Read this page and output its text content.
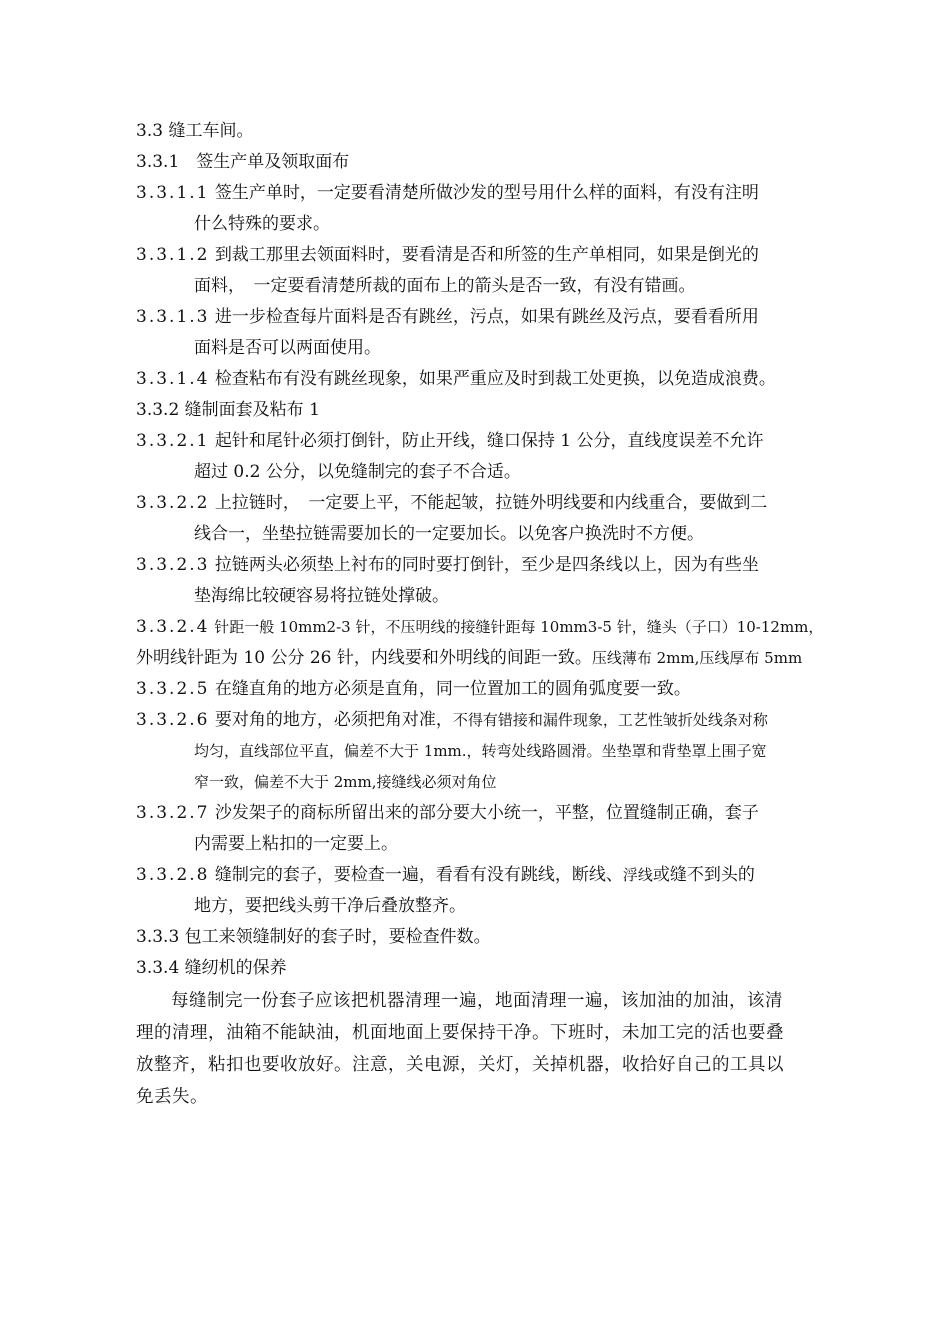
3.3 缝工车间。
3.3.1　签生产单及领取面布
3.3.1.1 签生产单时，一定要看清楚所做沙发的型号用什么样的面料，有没有注明
什么特殊的要求。
3.3.1.2 到裁工那里去领面料时，要看清是否和所签的生产单相同，如果是倒光的
面料，　一定要看清楚所裁的面布上的箭头是否一致，有没有错画。
3.3.1.3 进一步检查每片面料是否有跳丝，污点，如果有跳丝及污点，要看看所用
面料是否可以两面使用。
3.3.1.4 检查粘布有没有跳丝现象，如果严重应及时到裁工处更换，以免造成浪费。
3.3.2 缝制面套及粘布 1
3.3.2.1 起针和尾针必须打倒针，防止开线，缝口保持 1 公分，直线度误差不允许
超过 0.2 公分，以免缝制完的套子不合适。
3.3.2.2 上拉链时，　一定要上平，不能起皱，拉链外明线要和内线重合，要做到二
线合一，坐垫拉链需要加长的一定要加长。以免客户换洗时不方便。
3.3.2.3 拉链两头必须垫上衬布的同时要打倒针，至少是四条线以上，因为有些坐
垫海绵比较硬容易将拉链处撑破。
3.3.2.4 针距一般 10mm2-3 针，不压明线的接缝针距每 10mm3-5 针，缝头（子口）10-12mm，
外明线针距为 10 公分 26 针，内线要和外明线的间距一致。压线薄布 2mm,压线厚布 5mm
3.3.2.5 在缝直角的地方必须是直角，同一位置加工的圆角弧度要一致。
3.3.2.6 要对角的地方，必须把角对准，不得有错接和漏件现象，工艺性皱折处线条对称
均匀，直线部位平直，偏差不大于 1mm.，转弯处线路圆滑。坐垫罩和背垫罩上围子宽
窄一致，偏差不大于 2mm,接缝线必须对角位
3.3.2.7 沙发架子的商标所留出来的部分要大小统一，平整，位置缝制正确，套子
内需要上粘扣的一定要上。
3.3.2.8 缝制完的套子，要检查一遍，看看有没有跳线，断线、浮线或缝不到头的
地方，要把线头剪干净后叠放整齐。
3.3.3 包工来领缝制好的套子时，要检查件数。
3.3.4 缝纫机的保养
每缝制完一份套子应该把机器清理一遍，地面清理一遍，该加油的加油，该清
理的清理，油箱不能缺油，机面地面上要保持干净。下班时，未加工完的活也要叠
放整齐，粘扣也要收放好。注意，关电源，关灯，关掉机器，收拾好自己的工具以
免丢失。
